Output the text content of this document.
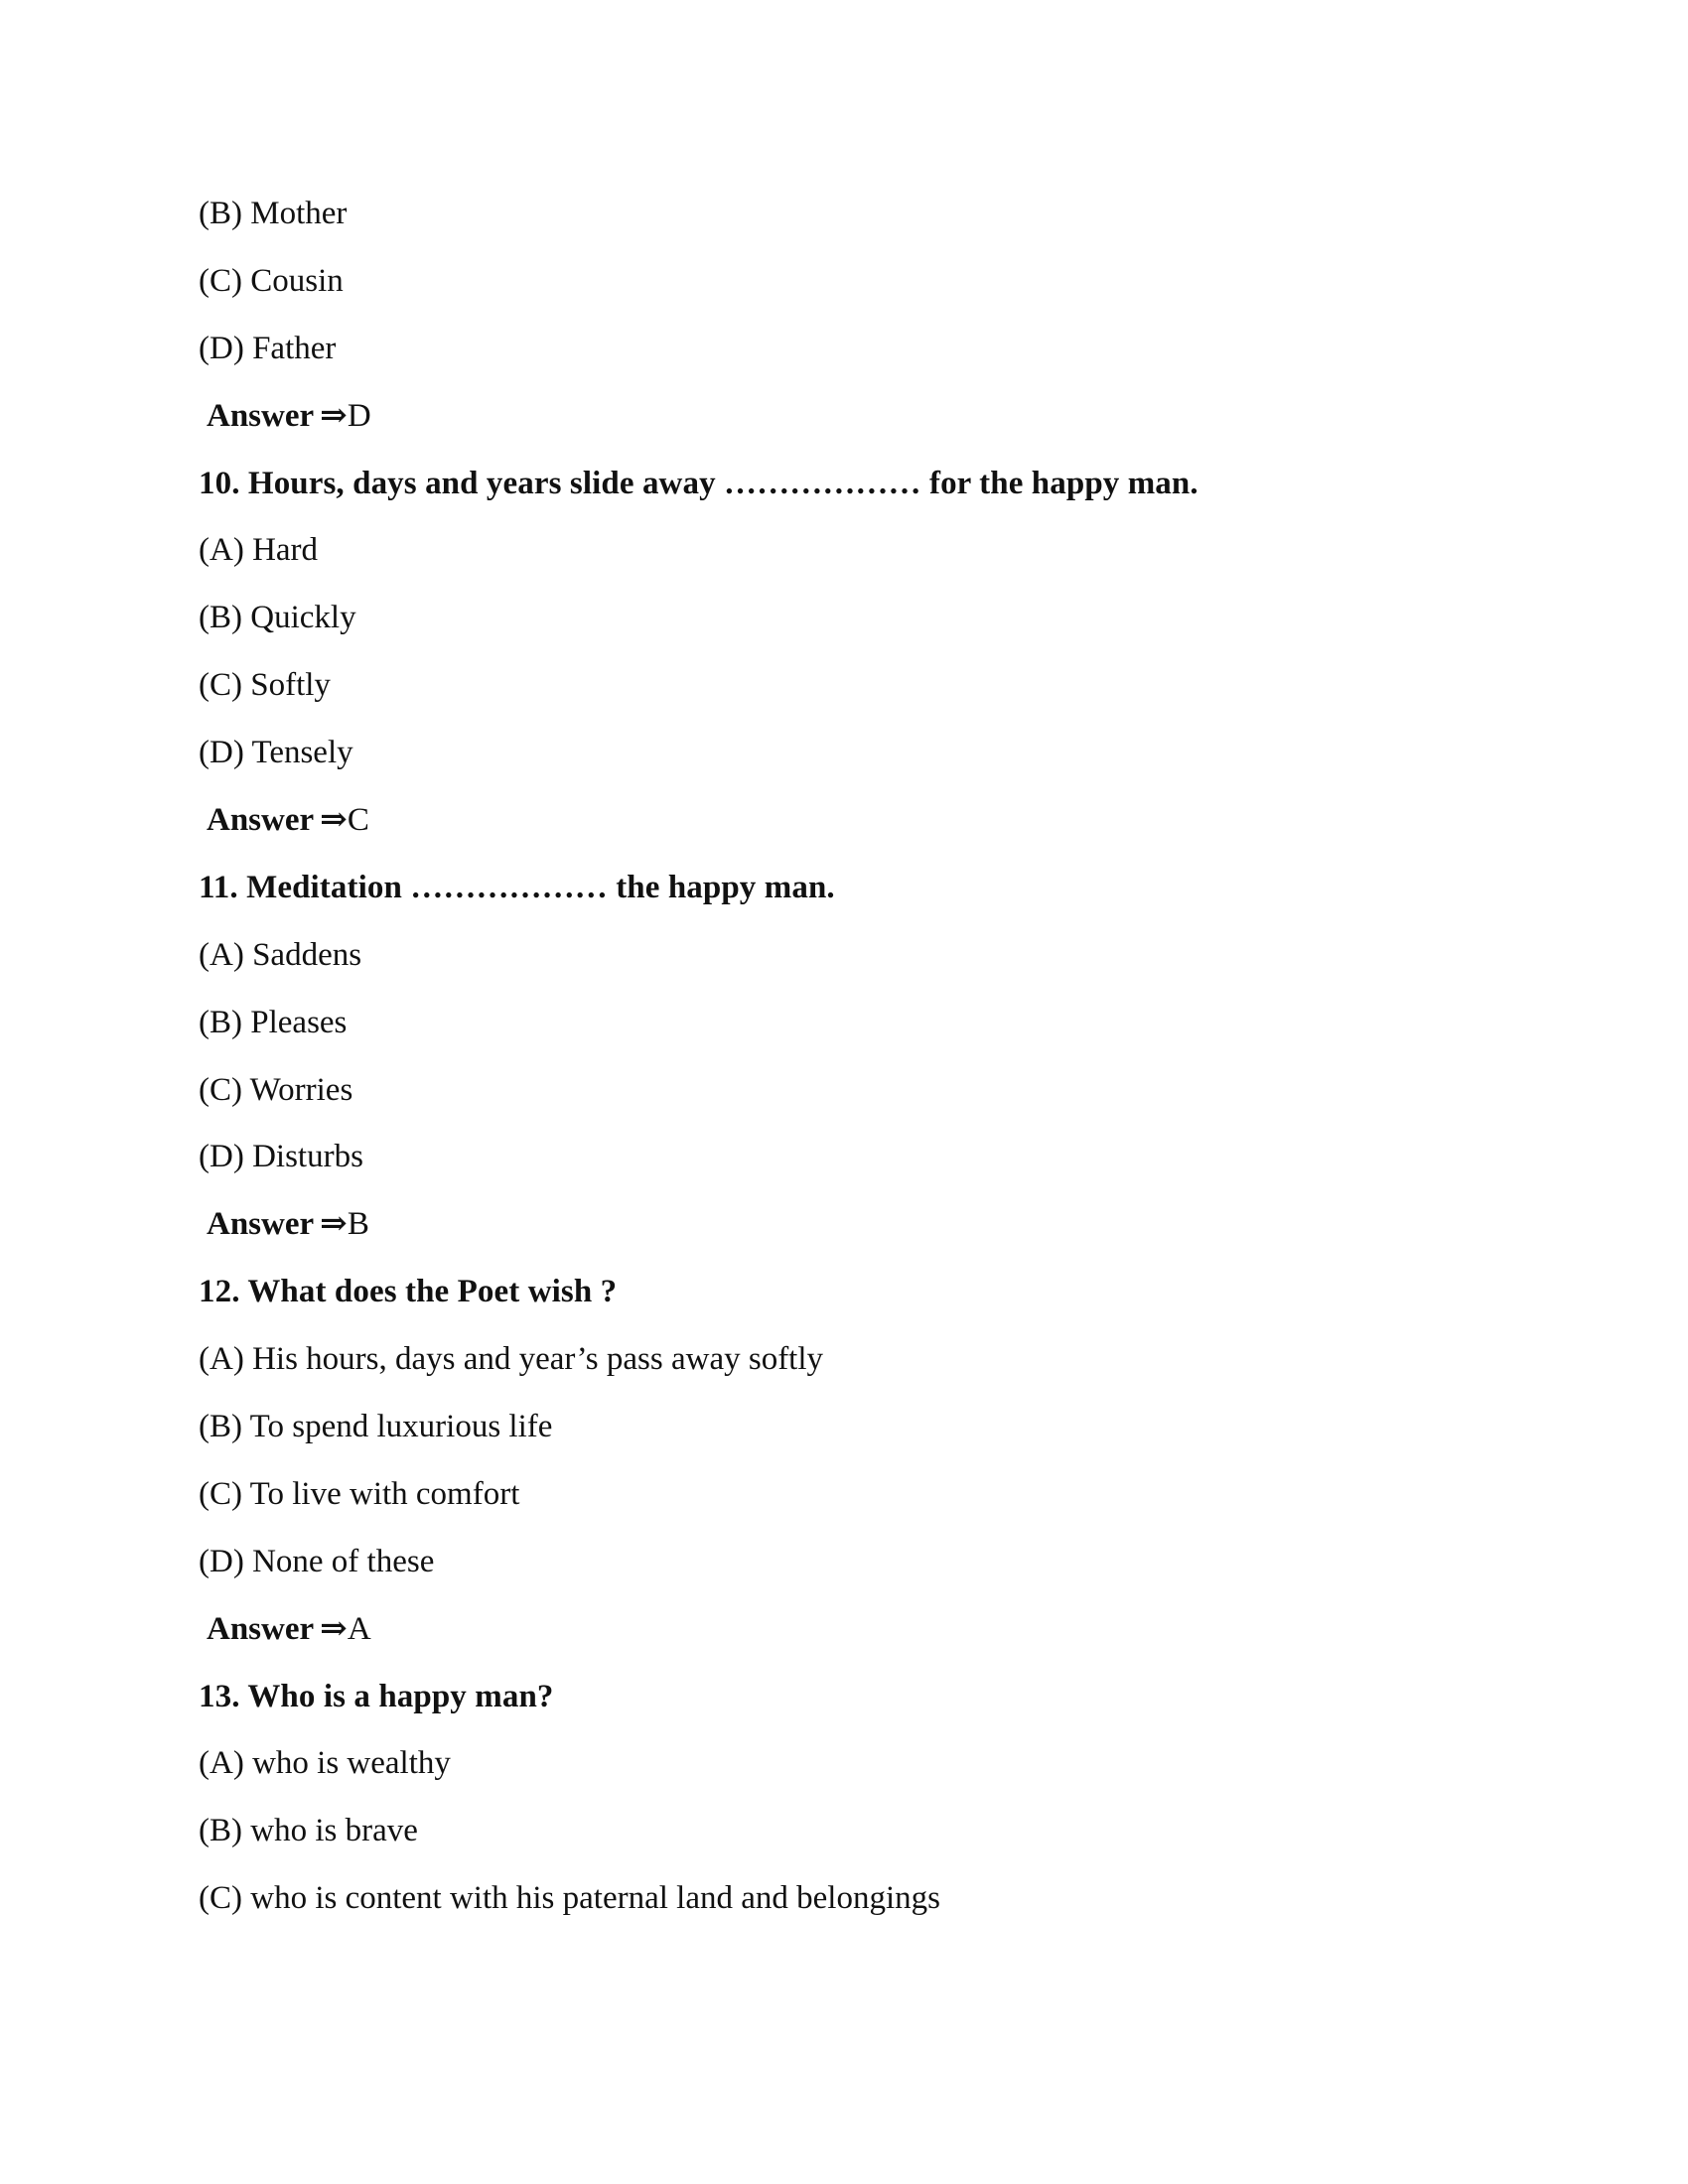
(B) Mother
(C) Cousin
(D) Father
Answer ⇒D
10. Hours, days and years slide away ……………… for the happy man.
(A) Hard
(B) Quickly
(C) Softly
(D) Tensely
Answer ⇒C
11. Meditation ……………… the happy man.
(A) Saddens
(B) Pleases
(C) Worries
(D) Disturbs
Answer ⇒B
12. What does the Poet wish ?
(A) His hours, days and year’s pass away softly
(B) To spend luxurious life
(C) To live with comfort
(D) None of these
Answer ⇒A
13. Who is a happy man?
(A) who is wealthy
(B) who is brave
(C) who is content with his paternal land and belongings
